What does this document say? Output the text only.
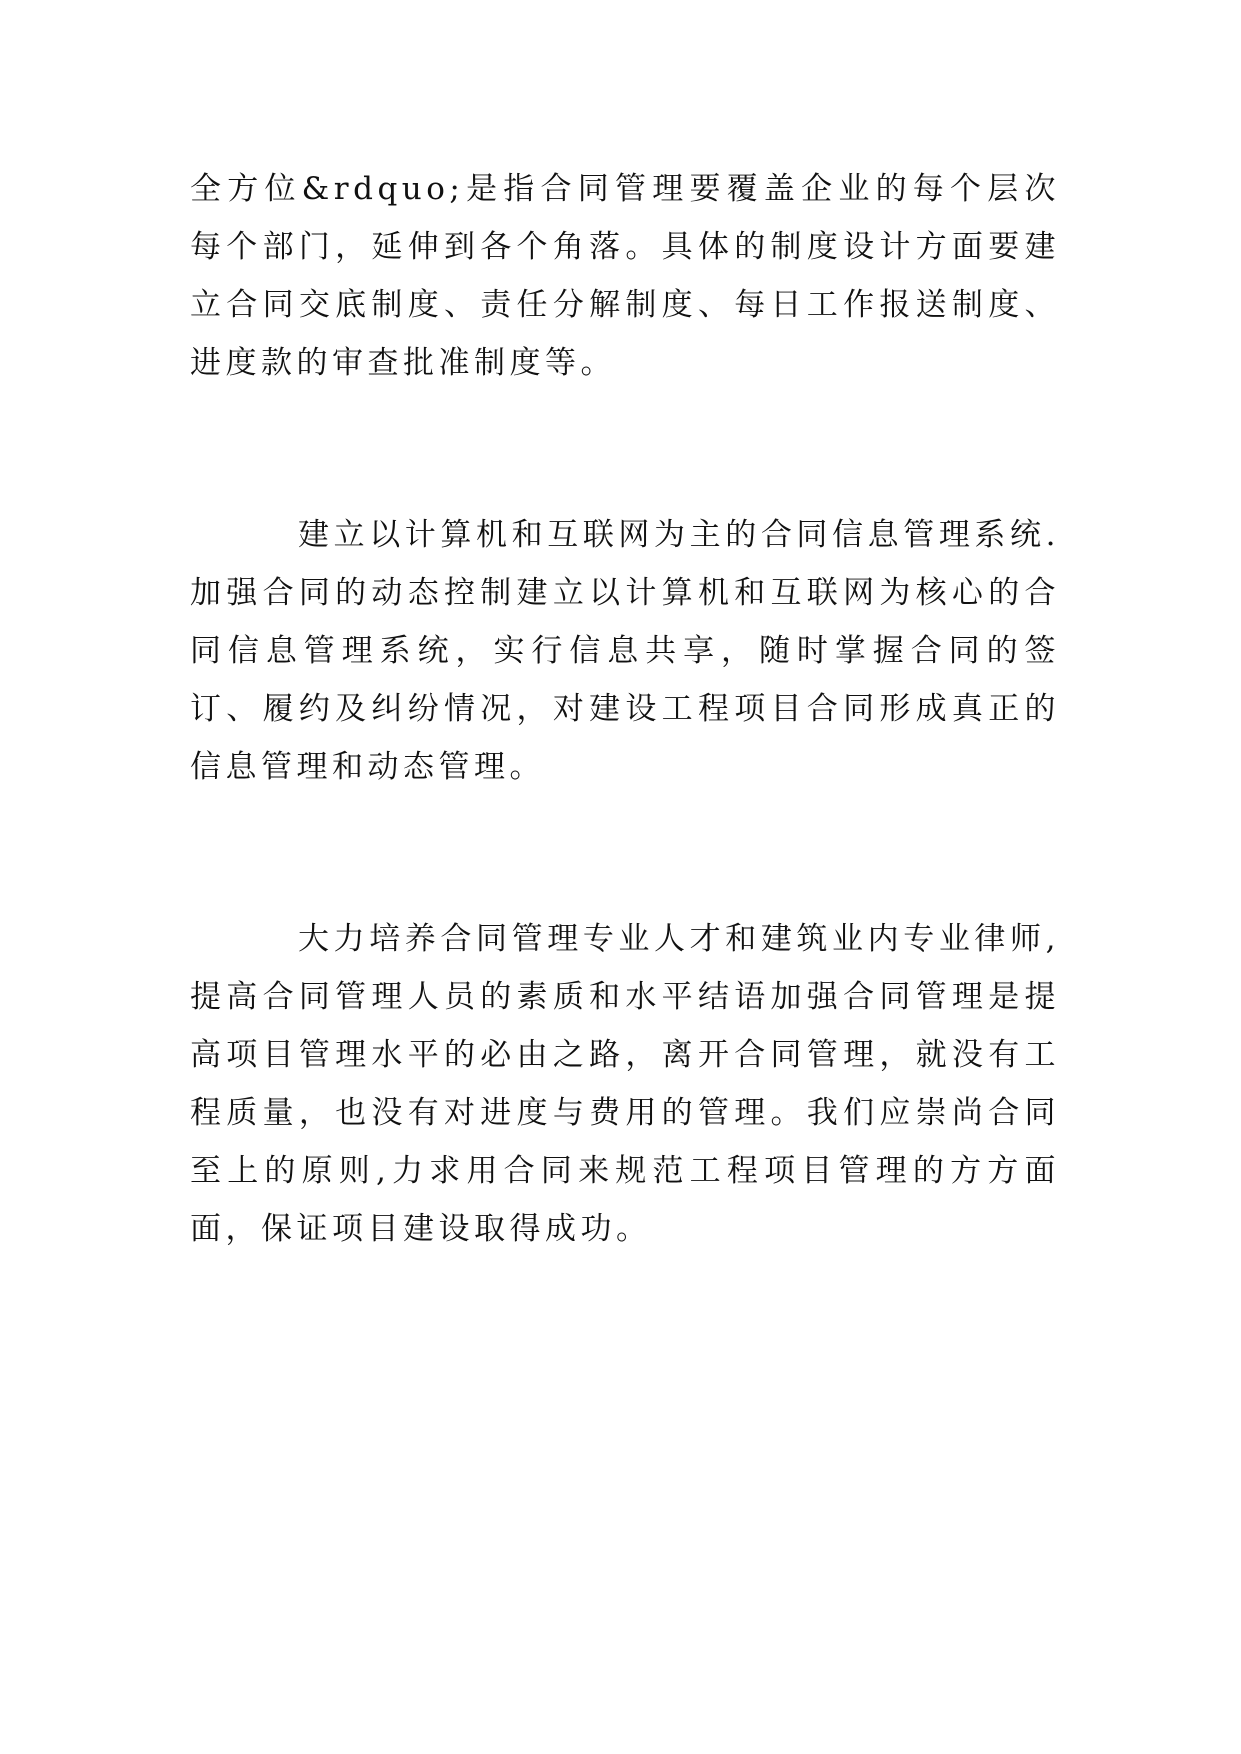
全方位&rdquo;是指合同管理要覆盖企业的每个层次每个部门，延伸到各个角落。具体的制度设计方面要建立合同交底制度、责任分解制度、每日工作报送制度、进度款的审查批准制度等。

建立以计算机和互联网为主的合同信息管理系统.加强合同的动态控制建立以计算机和互联网为核心的合同信息管理系统，实行信息共享，随时掌握合同的签订、履约及纠纷情况，对建设工程项目合同形成真正的信息管理和动态管理。

大力培养合同管理专业人才和建筑业内专业律师,提高合同管理人员的素质和水平结语加强合同管理是提高项目管理水平的必由之路，离开合同管理，就没有工程质量，也没有对进度与费用的管理。我们应崇尚合同至上的原则,力求用合同来规范工程项目管理的方方面面，保证项目建设取得成功。
